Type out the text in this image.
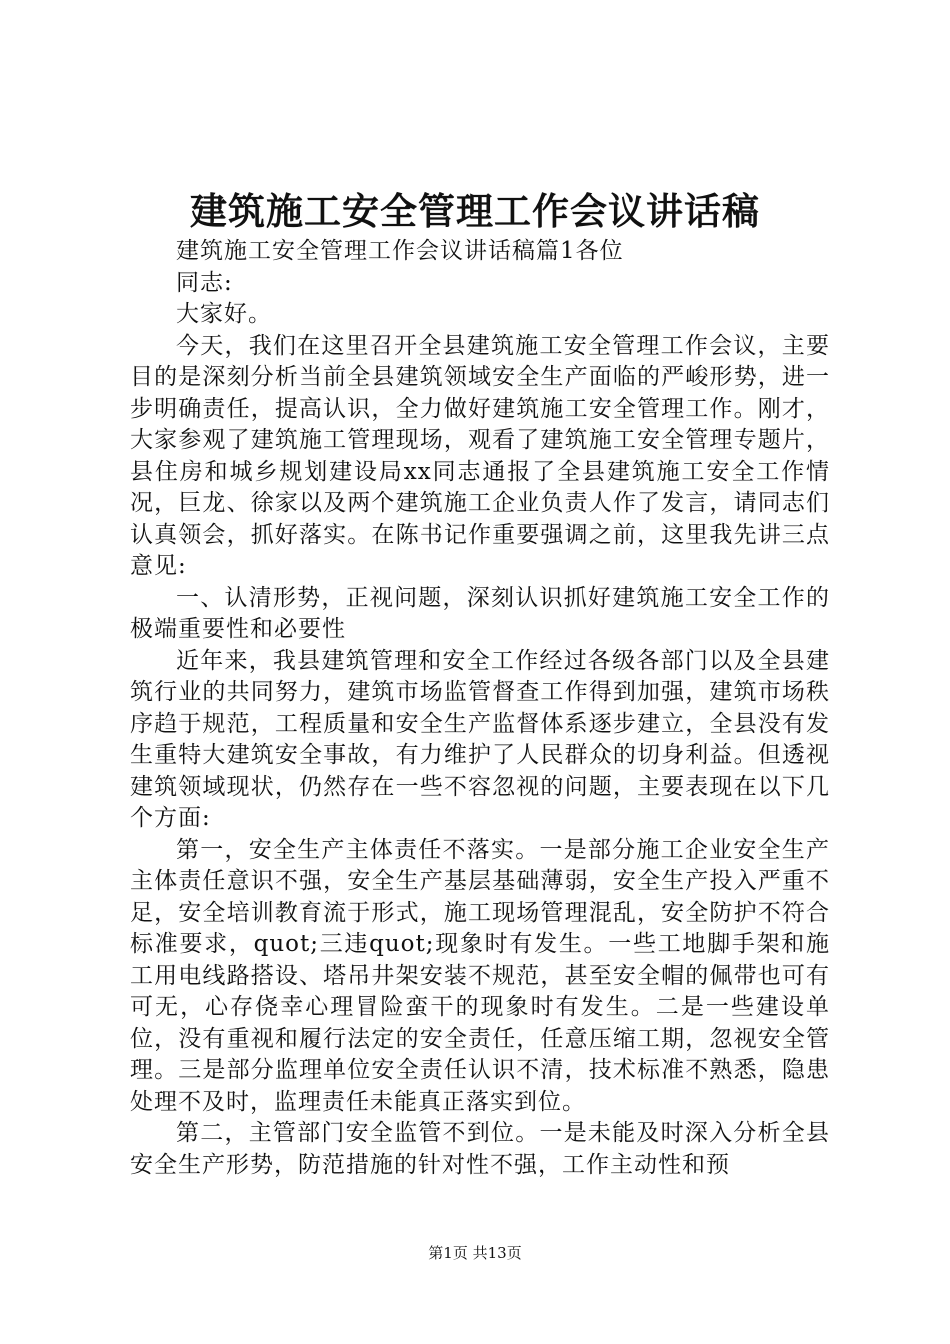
建筑施工安全管理工作会议讲话稿

建筑施工安全管理工作会议讲话稿篇1各位

同志:

大家好。

今天，我们在这里召开全县建筑施工安全管理工作会议，主要目的是深刻分析当前全县建筑领域安全生产面临的严峻形势，进一步明确责任，提高认识，全力做好建筑施工安全管理工作。刚才，大家参观了建筑施工管理现场，观看了建筑施工安全管理专题片，县住房和城乡规划建设局xx同志通报了全县建筑施工安全工作情况，巨龙、徐家以及两个建筑施工企业负责人作了发言，请同志们认真领会，抓好落实。在陈书记作重要强调之前，这里我先讲三点意见:

一、认清形势，正视问题，深刻认识抓好建筑施工安全工作的极端重要性和必要性

近年来，我县建筑管理和安全工作经过各级各部门以及全县建筑行业的共同努力，建筑市场监管督查工作得到加强，建筑市场秩序趋于规范，工程质量和安全生产监督体系逐步建立，全县没有发生重特大建筑安全事故，有力维护了人民群众的切身利益。但透视建筑领域现状，仍然存在一些不容忽视的问题，主要表现在以下几个方面:

第一，安全生产主体责任不落实。一是部分施工企业安全生产主体责任意识不强，安全生产基层基础薄弱，安全生产投入严重不足，安全培训教育流于形式，施工现场管理混乱，安全防护不符合标准要求，quot;三违quot;现象时有发生。一些工地脚手架和施工用电线路搭设、塔吊井架安装不规范，甚至安全帽的佩带也可有可无，心存侥幸心理冒险蛮干的现象时有发生。二是一些建设单位，没有重视和履行法定的安全责任，任意压缩工期，忽视安全管理。三是部分监理单位安全责任认识不清，技术标准不熟悉，隐患处理不及时，监理责任未能真正落实到位。

第二，主管部门安全监管不到位。一是未能及时深入分析全县安全生产形势，防范措施的针对性不强，工作主动性和预

第1页 共13页
